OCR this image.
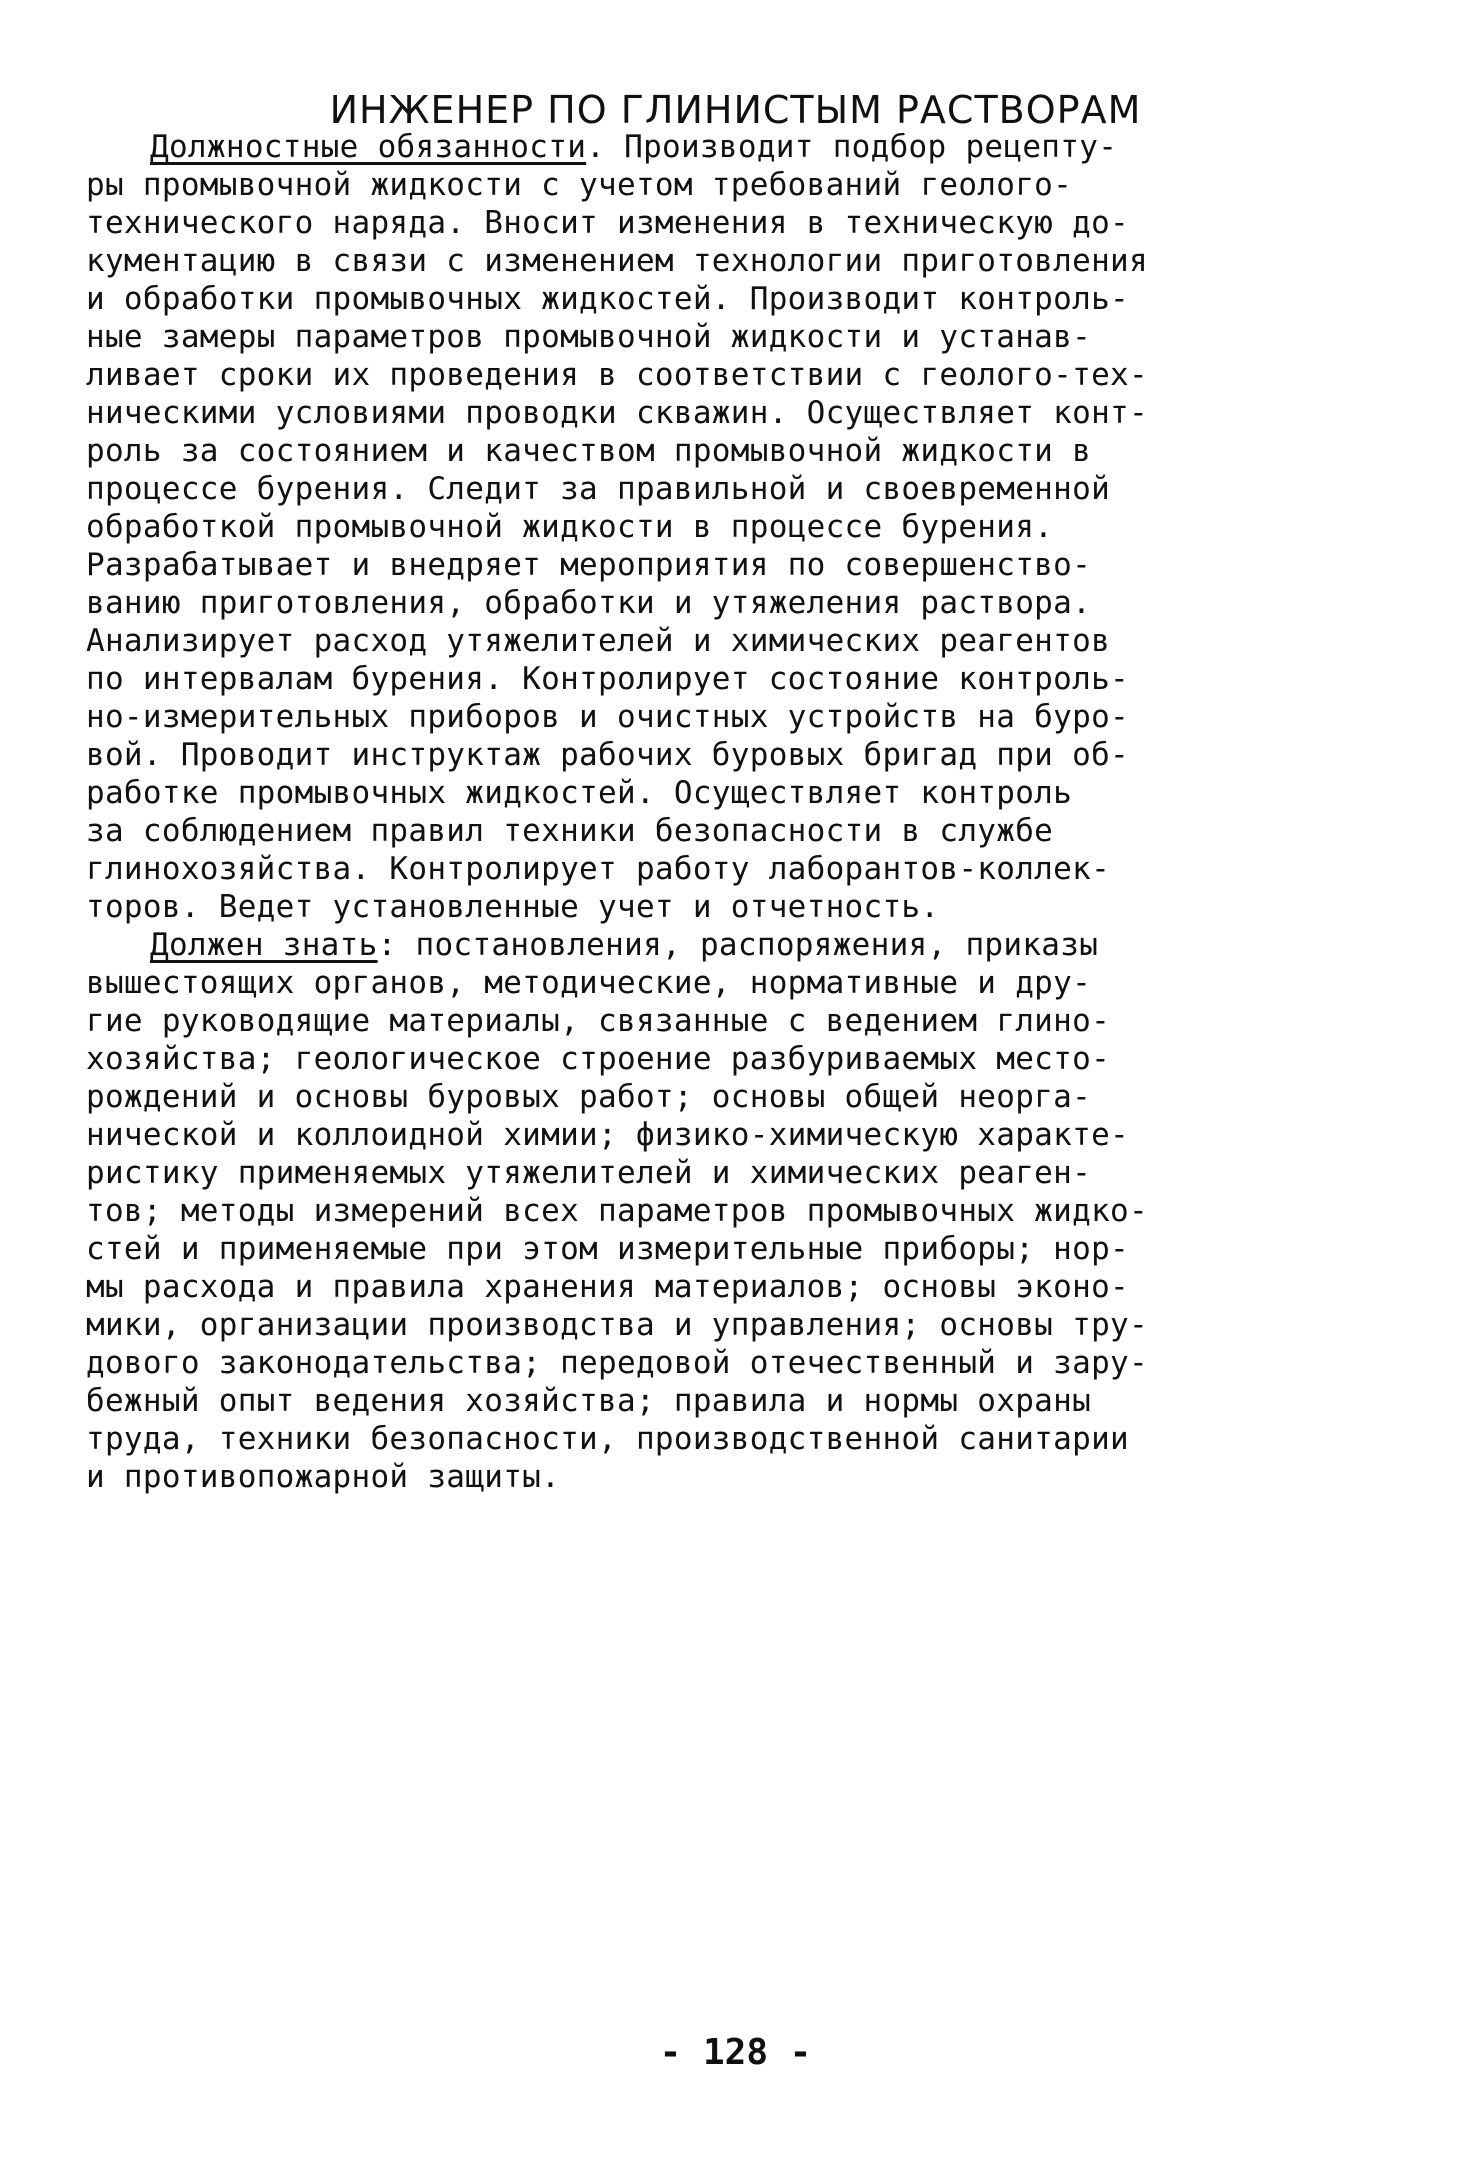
ИНЖЕНЕР ПО ГЛИНИСТЫМ РАСТВОРАМ
Должностные обязанности. Производит подбор рецепту-
ры промывочной жидкости с учетом требований геолого-
технического наряда. Вносит изменения в техническую до-
кументацию в связи с изменением технологии приготовления
и обработки промывочных жидкостей. Производит контроль-
ные замеры параметров промывочной жидкости и устанав-
ливает сроки их проведения в соответствии с геолого-тех-
ническими условиями проводки скважин. Осуществляет конт-
роль за состоянием и качеством промывочной жидкости в
процессе бурения. Следит за правильной и своевременной
обработкой промывочной жидкости в процессе бурения.
Разрабатывает и внедряет мероприятия по совершенство-
ванию приготовления, обработки и утяжеления раствора.
Анализирует расход утяжелителей и химических реагентов
по интервалам бурения. Контролирует состояние контроль-
но-измерительных приборов и очистных устройств на буро-
вой. Проводит инструктаж рабочих буровых бригад при об-
работке промывочных жидкостей. Осуществляет контроль
за соблюдением правил техники безопасности в службе
глинохозяйства. Контролирует работу лаборантов-коллек-
торов. Ведет установленные учет и отчетность.
Должен знать: постановления, распоряжения, приказы
вышестоящих органов, методические, нормативные и дру-
гие руководящие материалы, связанные с ведением глино-
хозяйства; геологическое строение разбуриваемых место-
рождений и основы буровых работ; основы общей неорга-
нической и коллоидной химии; физико-химическую характе-
ристику применяемых утяжелителей и химических реаген-
тов; методы измерений всех параметров промывочных жидко-
стей и применяемые при этом измерительные приборы; нор-
мы расхода и правила хранения материалов; основы эконо-
мики, организации производства и управления; основы тру-
дового законодательства; передовой отечественный и зару-
бежный опыт ведения хозяйства; правила и нормы охраны
труда, техники безопасности, производственной санитарии
и противопожарной защиты.
- 128 -
